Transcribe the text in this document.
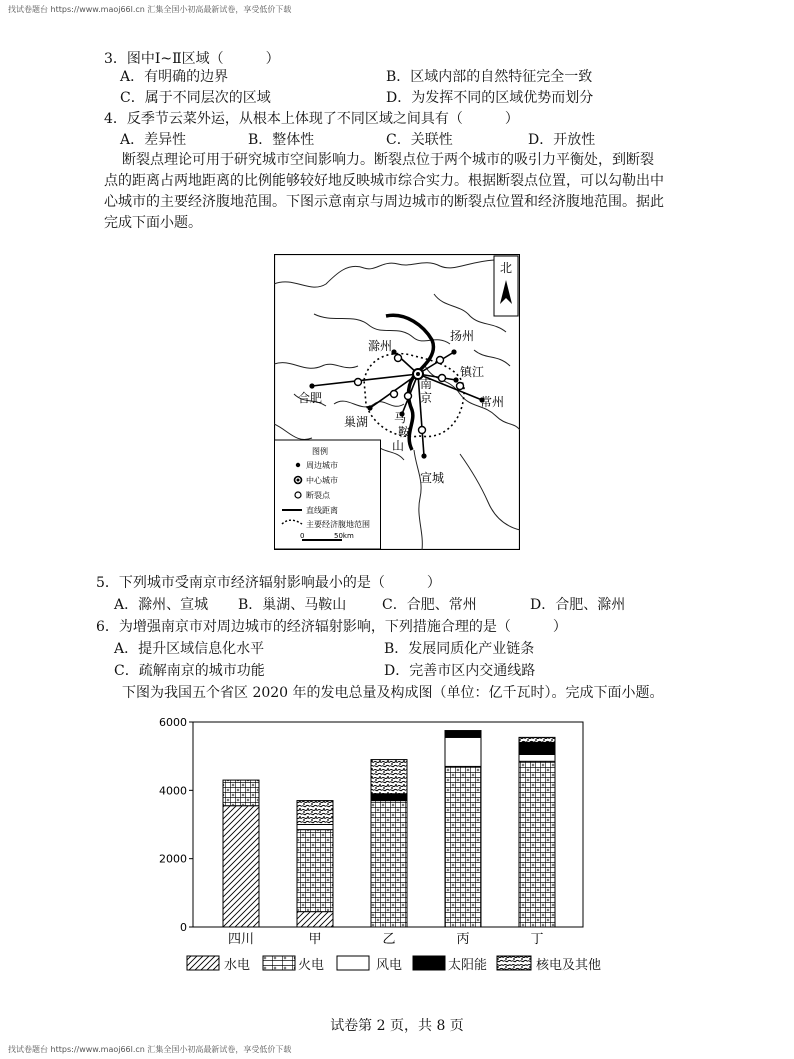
找试卷题台 https://www.maoj66l.cn 汇集全国小初高最新试卷，享受低价下载
3．图中Ⅰ~Ⅱ区域（　　　）
A．有明确的边界	B．区域内部的自然特征完全一致
C．属于不同层次的区域	D．为发挥不同的区域优势而划分
4．反季节云菜外运，从根本上体现了不同区域之间具有（　　　）
A．差异性	B．整体性	C．关联性	D．开放性
断裂点理论可用于研究城市空间影响力。断裂点位于两个城市的吸引力平衡处，到断裂
点的距离占两地距离的比例能够较好地反映城市综合实力。根据断裂点位置，可以勾勒出中
心城市的主要经济腹地范围。下图示意南京与周边城市的断裂点位置和经济腹地范围。据此
完成下面小题。
北
滁州
扬州
镇江
常州
合肥
巢湖
宣城
南
京
马
鞍
山
图例
周边城市
中心城市
断裂点
直线距离
主要经济腹地范围
0	50km
5．下列城市受南京市经济辐射影响最小的是（　　　）
A．滁州、宣城 B．巢湖、马鞍山	C．合肥、常州	D．合肥、滁州
6．为增强南京市对周边城市的经济辐射影响，下列措施合理的是（　　　）
A．提升区域信息化水平	B．发展同质化产业链条
C．疏解南京的城市功能	D．完善市区内交通线路
下图为我国五个省区 2020 年的发电总量及构成图（单位：亿千瓦时）。完成下面小题。
0
2000
4000
6000
四川	甲	乙	丙	丁
水电	火电	风电	太阳能	核电及其他
试卷第 2 页，共 8 页
找试卷题台 https://www.maoj66l.cn 汇集全国小初高最新试卷，享受低价下载
